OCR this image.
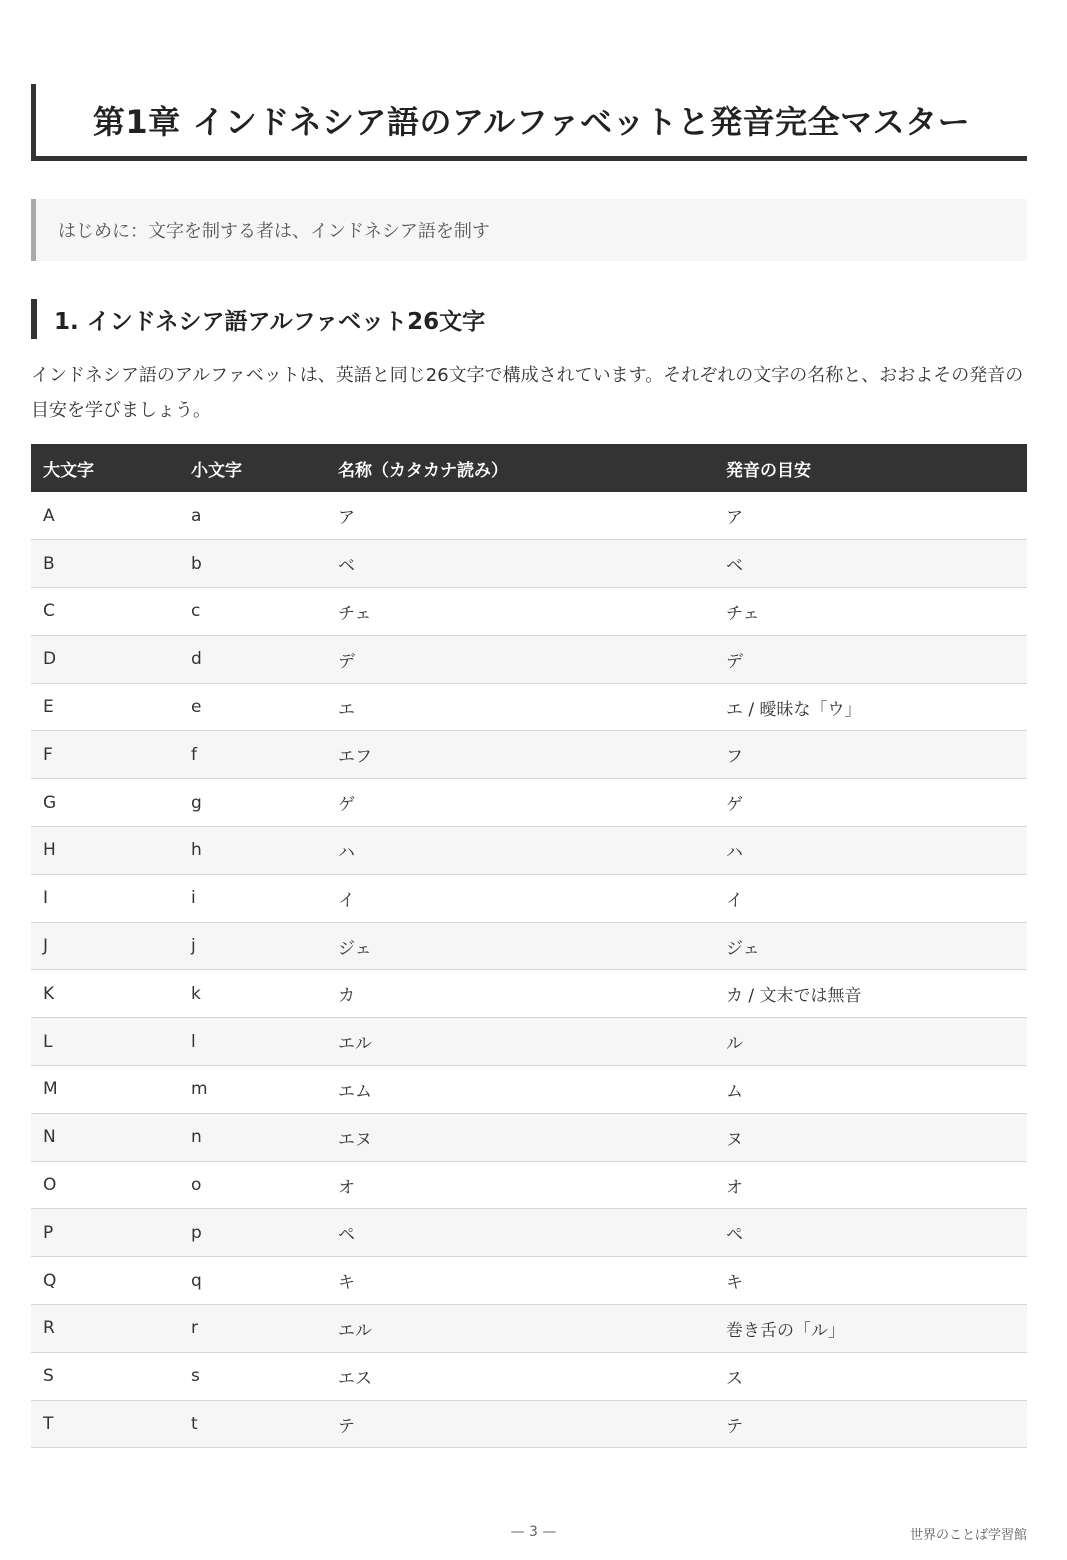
第1章 インドネシア語のアルファベットと発音完全マスター
はじめに：文字を制する者は、インドネシア語を制す
1. インドネシア語アルファベット26文字

インドネシア語のアルファベットは、英語と同じ26文字で構成されています。それぞれの文字の名称と、おおよその発音の目安を学びましょう。

大文字	小文字	名称（カタカナ読み）	発音の目安
A	a	ア	ア
B	b	ベ	ベ
C	c	チェ	チェ
D	d	デ	デ
E	e	エ	エ / 曖昧な「ウ」
F	f	エフ	フ
G	g	ゲ	ゲ
H	h	ハ	ハ
I	i	イ	イ
J	j	ジェ	ジェ
K	k	カ	カ / 文末では無音
L	l	エル	ル
M	m	エム	ム
N	n	エヌ	ヌ
O	o	オ	オ
P	p	ペ	ペ
Q	q	キ	キ
R	r	エル	巻き舌の「ル」
S	s	エス	ス
T	t	テ	テ
— 3 —	世界のことば学習館
